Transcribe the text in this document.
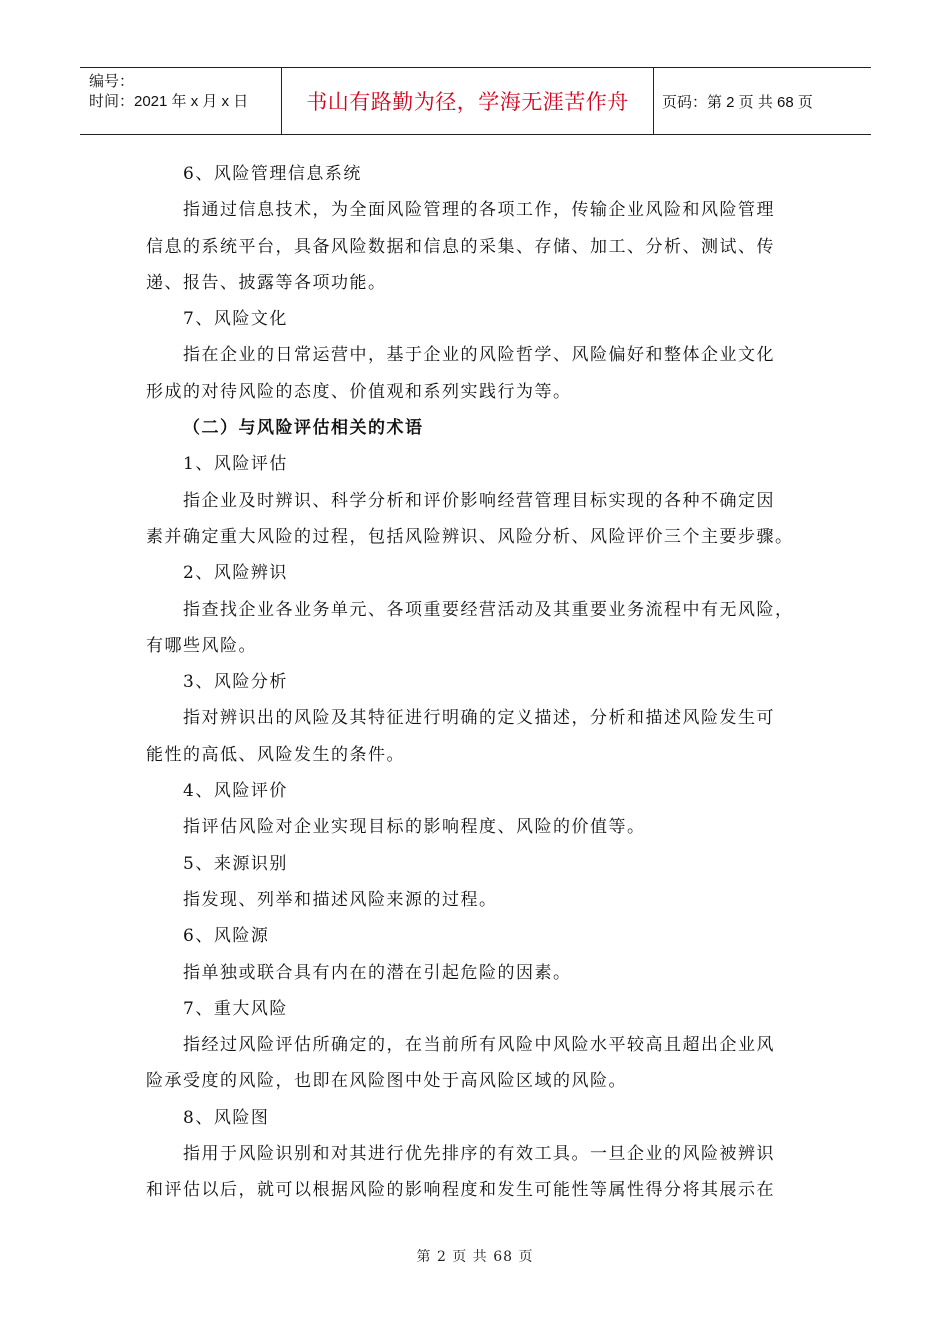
编号：
时间：2021 年 x 月 x 日	书山有路勤为径，学海无涯苦作舟 页码：第 2 页 共 68 页
6、风险管理信息系统
指通过信息技术，为全面风险管理的各项工作，传输企业风险和风险管理
信息的系统平台，具备风险数据和信息的采集、存储、加工、分析、测试、传
递、报告、披露等各项功能。
7、风险文化
指在企业的日常运营中，基于企业的风险哲学、风险偏好和整体企业文化
形成的对待风险的态度、价值观和系列实践行为等。
（二）与风险评估相关的术语
1、风险评估
指企业及时辨识、科学分析和评价影响经营管理目标实现的各种不确定因
素并确定重大风险的过程，包括风险辨识、风险分析、风险评价三个主要步骤。
2、风险辨识
指查找企业各业务单元、各项重要经营活动及其重要业务流程中有无风险，
有哪些风险。
3、风险分析
指对辨识出的风险及其特征进行明确的定义描述，分析和描述风险发生可
能性的高低、风险发生的条件。
4、风险评价
指评估风险对企业实现目标的影响程度、风险的价值等。
5、来源识别
指发现、列举和描述风险来源的过程。
6、风险源
指单独或联合具有内在的潜在引起危险的因素。
7、重大风险
指经过风险评估所确定的，在当前所有风险中风险水平较高且超出企业风
险承受度的风险，也即在风险图中处于高风险区域的风险。
8、风险图
指用于风险识别和对其进行优先排序的有效工具。一旦企业的风险被辨识
和评估以后，就可以根据风险的影响程度和发生可能性等属性得分将其展示在
第 2 页 共 68 页
